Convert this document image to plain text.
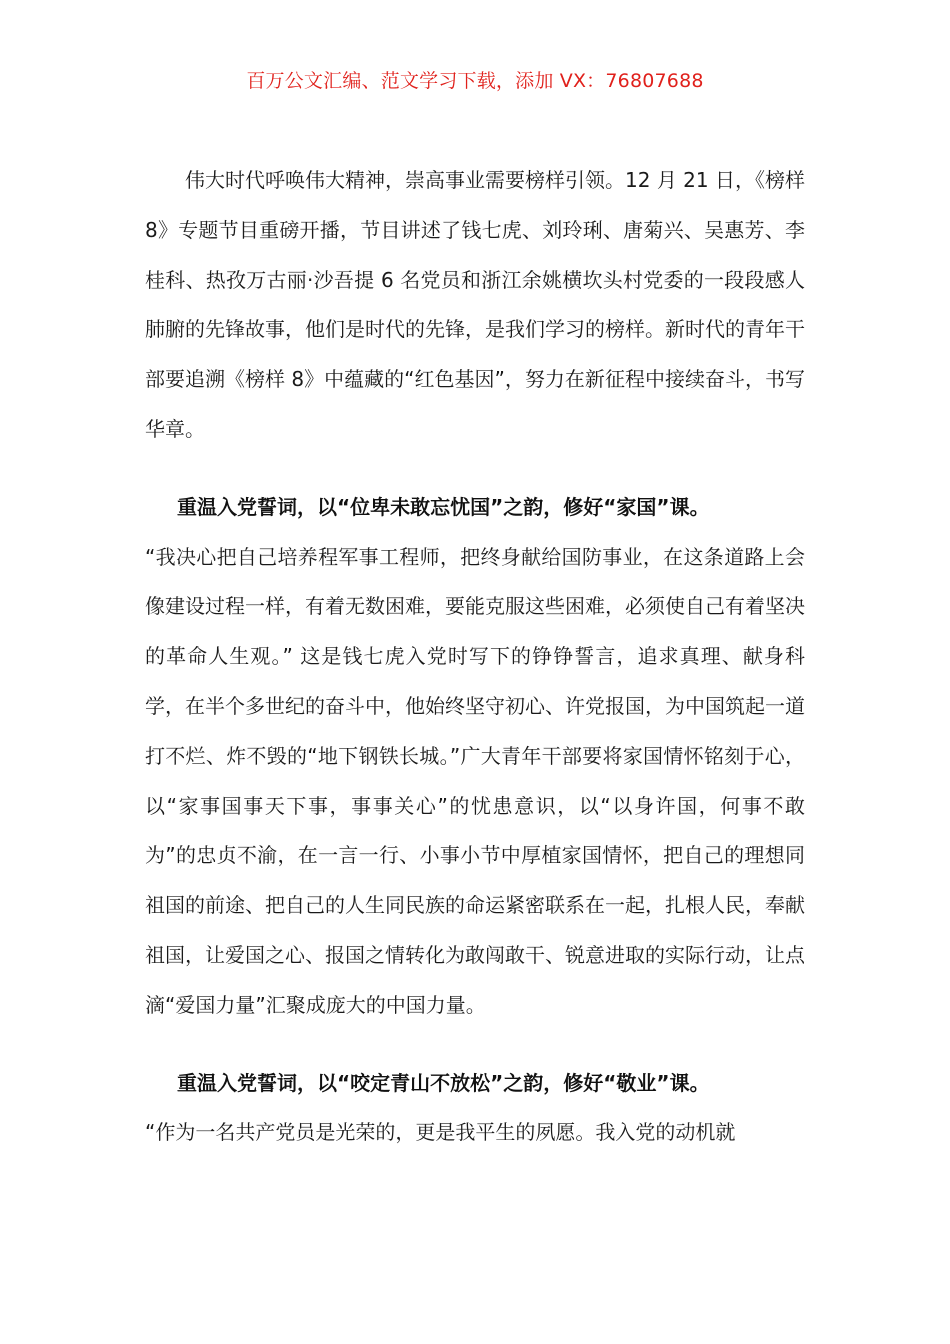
百万公文汇编、范文学习下载，添加 VX：76807688

伟大时代呼唤伟大精神，崇高事业需要榜样引领。12 月 21 日，《榜样 8》专题节目重磅开播，节目讲述了钱七虎、刘玲琍、唐菊兴、吴惠芳、李桂科、热孜万古丽·沙吾提 6 名党员和浙江余姚横坎头村党委的一段段感人肺腑的先锋故事，他们是时代的先锋，是我们学习的榜样。新时代的青年干部要追溯《榜样 8》中蕴藏的“红色基因”，努力在新征程中接续奋斗，书写华章。

重温入党誓词，以“位卑未敢忘忧国”之韵，修好“家国”课。

“我决心把自己培养程军事工程师，把终身献给国防事业，在这条道路上会像建设过程一样，有着无数困难，要能克服这些困难，必须使自己有着坚决的革命人生观。” 这是钱七虎入党时写下的铮铮誓言，追求真理、献身科学，在半个多世纪的奋斗中，他始终坚守初心、许党报国，为中国筑起一道打不烂、炸不毁的“地下钢铁长城。”广大青年干部要将家国情怀铭刻于心，以“家事国事天下事，事事关心”的忧患意识，以“以身许国，何事不敢为”的忠贞不渝，在一言一行、小事小节中厚植家国情怀，把自己的理想同祖国的前途、把自己的人生同民族的命运紧密联系在一起，扎根人民，奉献祖国，让爱国之心、报国之情转化为敢闯敢干、锐意进取的实际行动，让点滴“爱国力量”汇聚成庞大的中国力量。

重温入党誓词，以“咬定青山不放松”之韵，修好“敬业”课。

“作为一名共产党员是光荣的，更是我平生的夙愿。我入党的动机就
